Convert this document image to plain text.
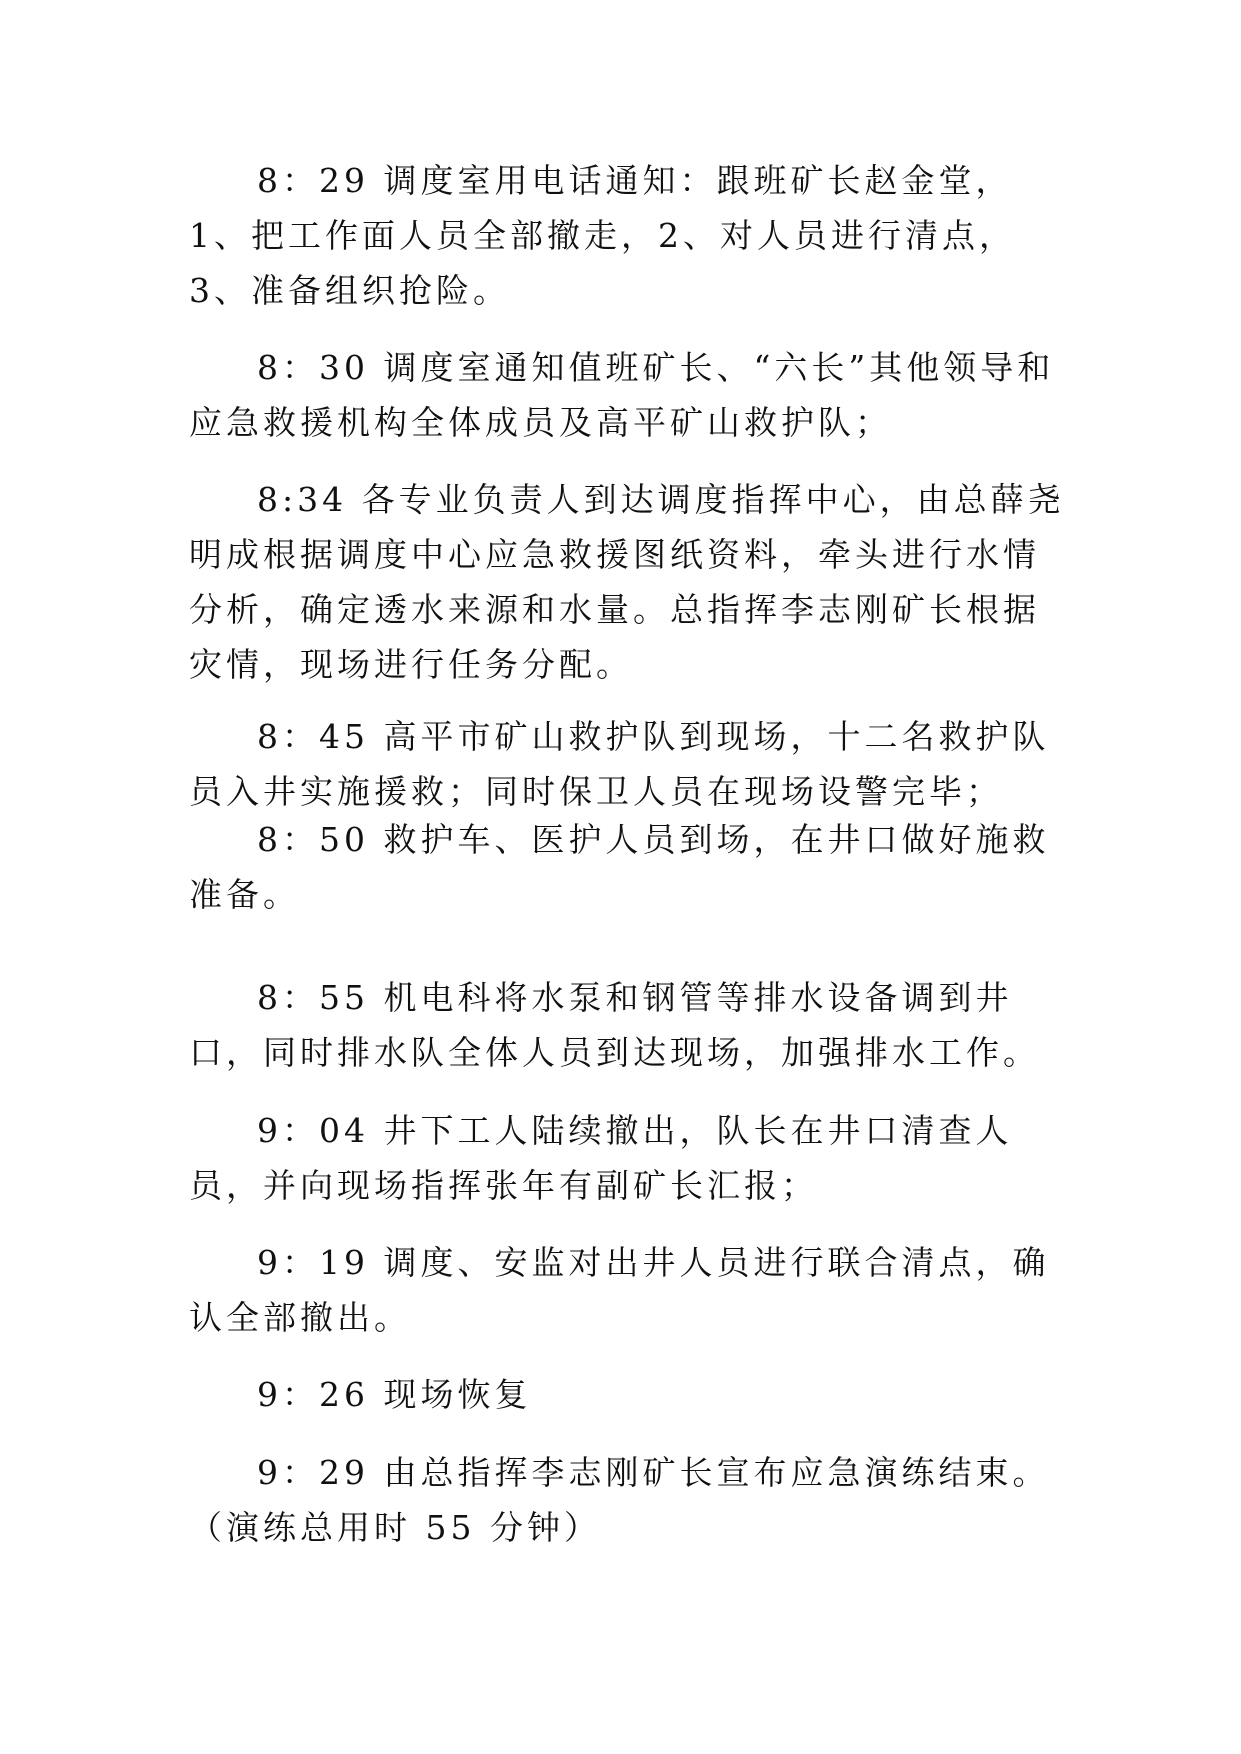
8：29 调度室用电话通知：跟班矿长赵金堂，1、把工作面人员全部撤走，2、对人员进行清点，3、准备组织抢险。

8：30 调度室通知值班矿长、“六长”其他领导和应急救援机构全体成员及高平矿山救护队；

8:34 各专业负责人到达调度指挥中心，由总薛尧明成根据调度中心应急救援图纸资料，牵头进行水情分析，确定透水来源和水量。总指挥李志刚矿长根据灾情，现场进行任务分配。

8：45 高平市矿山救护队到现场，十二名救护队员入井实施援救；同时保卫人员在现场设警完毕；

8：50 救护车、医护人员到场，在井口做好施救准备。

8：55 机电科将水泵和钢管等排水设备调到井口，同时排水队全体人员到达现场，加强排水工作。

9：04 井下工人陆续撤出，队长在井口清查人员，并向现场指挥张年有副矿长汇报；

9：19 调度、安监对出井人员进行联合清点，确认全部撤出。

9：26 现场恢复

9：29 由总指挥李志刚矿长宣布应急演练结束。（演练总用时 55 分钟）
